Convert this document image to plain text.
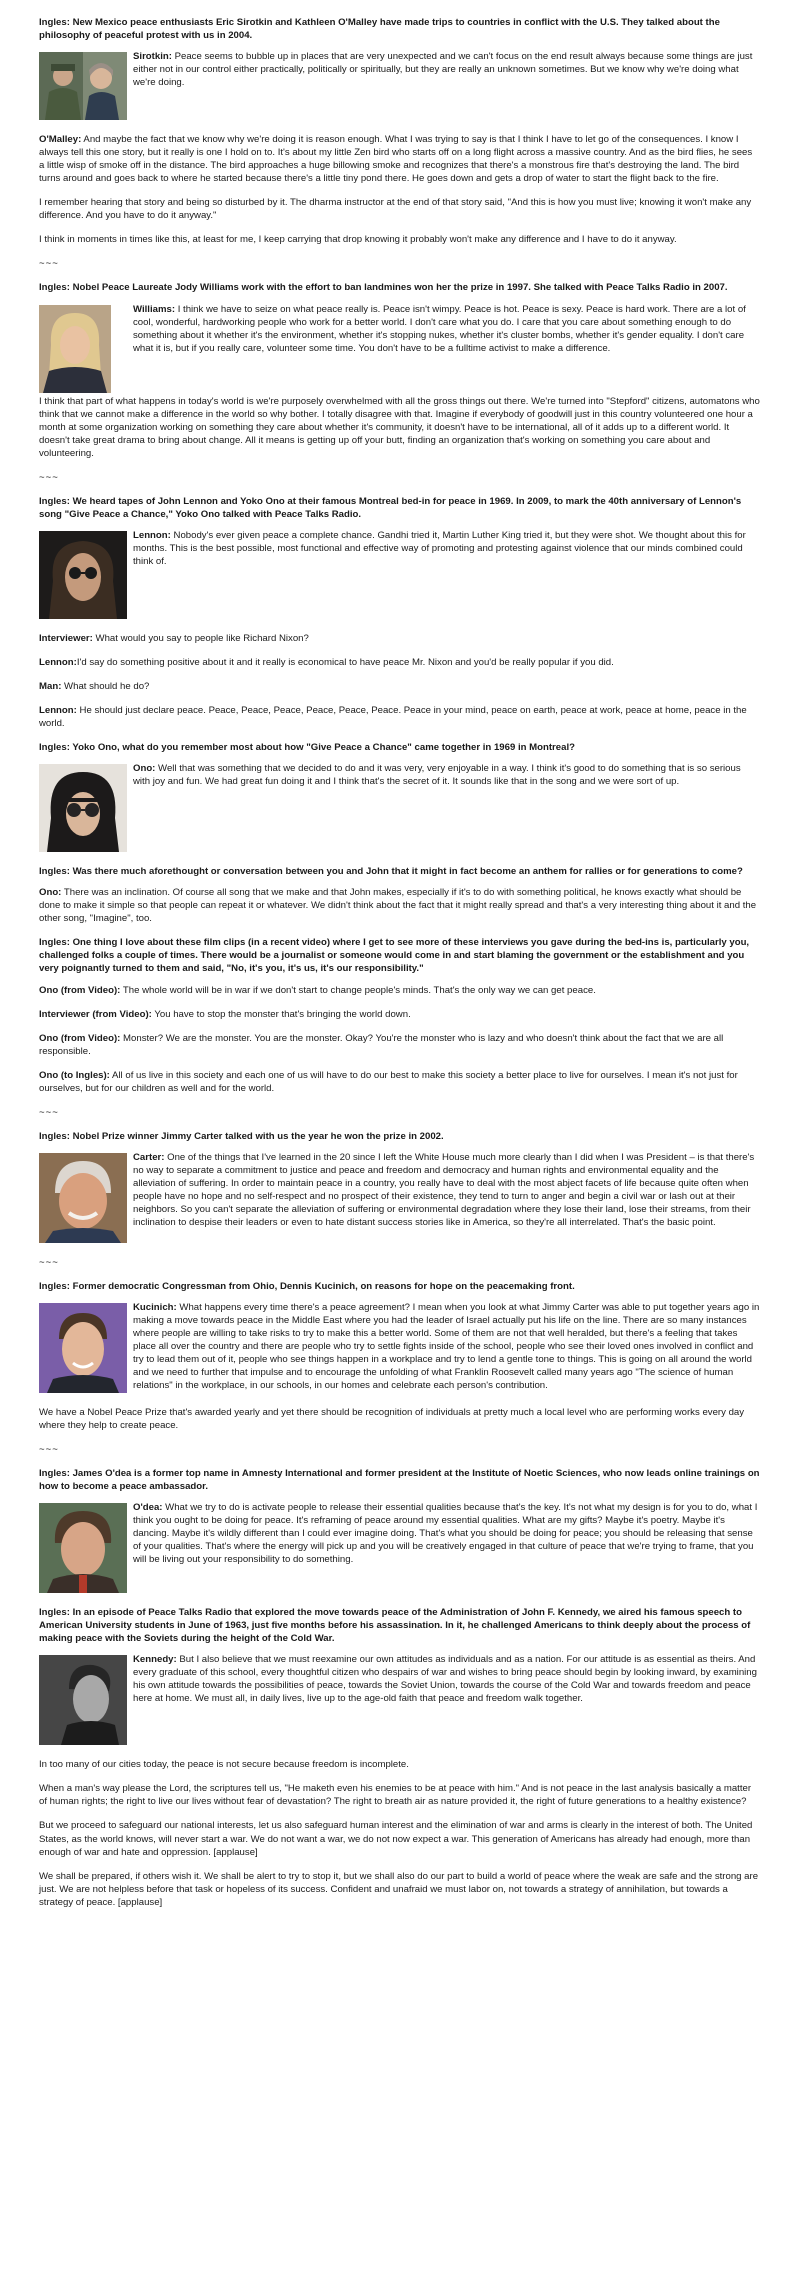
Ingles: New Mexico peace enthusiasts Eric Sirotkin and Kathleen O'Malley have made trips to countries in conflict with the U.S. They talked about the philosophy of peaceful protest with us in 2004.

Sirotkin: Peace seems to bubble up in places that are very unexpected and we can't focus on the end result always because some things are just either not in our control either practically, politically or spiritually, but they are really an unknown sometimes. But we know why we're doing what we're doing.

O'Malley: And maybe the fact that we know why we're doing it is reason enough. What I was trying to say is that I think I have to let go of the consequences. I know I always tell this one story, but it really is one I hold on to. It's about my little Zen bird who starts off on a long flight across a massive country. And as the bird flies, he sees a little wisp of smoke off in the distance. The bird approaches a huge billowing smoke and recognizes that there's a monstrous fire that's destroying the land. The bird turns around and goes back to where he started because there's a little tiny pond there. He goes down and gets a drop of water to start the flight back to the fire.

I remember hearing that story and being so disturbed by it. The dharma instructor at the end of that story said, "And this is how you must live; knowing it won't make any difference. And you have to do it anyway."

I think in moments in times like this, at least for me, I keep carrying that drop knowing it probably won't make any difference and I have to do it anyway.

~~~

Ingles: Nobel Peace Laureate Jody Williams work with the effort to ban landmines won her the prize in 1997. She talked with Peace Talks Radio in 2007.

Williams: I think we have to seize on what peace really is. Peace isn't wimpy. Peace is hot. Peace is sexy. Peace is hard work. There are a lot of cool, wonderful, hardworking people who work for a better world. I don't care what you do. I care that you care about something enough to do something about it whether it's the environment, whether it's stopping nukes, whether it's cluster bombs, whether it's gender equality. I don't care what it is, but if you really care, volunteer some time. You don't have to be a fulltime activist to make a difference.

I think that part of what happens in today's world is we're purposely overwhelmed with all the gross things out there. We're turned into "Stepford" citizens, automatons who think that we cannot make a difference in the world so why bother. I totally disagree with that. Imagine if everybody of goodwill just in this country volunteered one hour a month at some organization working on something they care about whether it's community, it doesn't have to be international, all of it adds up to a different world. It doesn't take great drama to bring about change. All it means is getting up off your butt, finding an organization that's working on something you care about and volunteering.

~~~

Ingles: We heard tapes of John Lennon and Yoko Ono at their famous Montreal bed-in for peace in 1969. In 2009, to mark the 40th anniversary of Lennon's song "Give Peace a Chance," Yoko Ono talked with Peace Talks Radio.

Lennon: Nobody's ever given peace a complete chance. Gandhi tried it, Martin Luther King tried it, but they were shot. We thought about this for months. This is the best possible, most functional and effective way of promoting and protesting against violence that our minds combined could think of.

Interviewer: What would you say to people like Richard Nixon?

Lennon:I'd say do something positive about it and it really is economical to have peace Mr. Nixon and you'd be really popular if you did.

Man: What should he do?

Lennon: He should just declare peace. Peace, Peace, Peace, Peace, Peace, Peace. Peace in your mind, peace on earth, peace at work, peace at home, peace in the world.

Ingles: Yoko Ono, what do you remember most about how "Give Peace a Chance" came together in 1969 in Montreal?

Ono: Well that was something that we decided to do and it was very, very enjoyable in a way. I think it's good to do something that is so serious with joy and fun. We had great fun doing it and I think that's the secret of it. It sounds like that in the song and we were sort of up.

Ingles: Was there much aforethought or conversation between you and John that it might in fact become an anthem for rallies or for generations to come?

Ono: There was an inclination. Of course all song that we make and that John makes, especially if it's to do with something political, he knows exactly what should be done to make it simple so that people can repeat it or whatever. We didn't think about the fact that it might really spread and that's a very interesting thing about it and the other song, "Imagine", too.

Ingles: One thing I love about these film clips (in a recent video) where I get to see more of these interviews you gave during the bed-ins is, particularly you, challenged folks a couple of times. There would be a journalist or someone would come in and start blaming the government or the establishment and you very poignantly turned to them and said, "No, it's you, it's us, it's our responsibility."

Ono (from Video): The whole world will be in war if we don't start to change people's minds. That's the only way we can get peace.

Interviewer (from Video): You have to stop the monster that's bringing the world down.

Ono (from Video): Monster? We are the monster. You are the monster. Okay? You're the monster who is lazy and who doesn't think about the fact that we are all responsible.

Ono (to Ingles): All of us live in this society and each one of us will have to do our best to make this society a better place to live for ourselves. I mean it's not just for ourselves, but for our children as well and for the world.

~~~

Ingles: Nobel Prize winner Jimmy Carter talked with us the year he won the prize in 2002.

Carter: One of the things that I've learned in the 20 since I left the White House much more clearly than I did when I was President – is that there's no way to separate a commitment to justice and peace and freedom and democracy and human rights and environmental equality and the alleviation of suffering. In order to maintain peace in a country, you really have to deal with the most abject facets of life because quite often when people have no hope and no self-respect and no prospect of their existence, they tend to turn to anger and begin a civil war or lash out at their neighbors. So you can't separate the alleviation of suffering or environmental degradation where they lose their land, lose their streams, from their inclination to despise their leaders or even to hate distant success stories like in America, so they're all interrelated. That's the basic point.

~~~

Ingles: Former democratic Congressman from Ohio, Dennis Kucinich, on reasons for hope on the peacemaking front.

Kucinich: What happens every time there's a peace agreement? I mean when you look at what Jimmy Carter was able to put together years ago in making a move towards peace in the Middle East where you had the leader of Israel actually put his life on the line. There are so many instances where people are willing to take risks to try to make this a better world. Some of them are not that well heralded, but there's a feeling that takes place all over the country and there are people who try to settle fights inside of the school, people who see their loved ones involved in conflict and try to lead them out of it, people who see things happen in a workplace and try to lend a gentle tone to things. This is going on all around the world and we need to further that impulse and to encourage the unfolding of what Franklin Roosevelt called many years ago "The science of human relations" in the workplace, in our schools, in our homes and celebrate each person's contribution.

We have a Nobel Peace Prize that's awarded yearly and yet there should be recognition of individuals at pretty much a local level who are performing works every day where they help to create peace.

~~~

Ingles: James O'dea is a former top name in Amnesty International and former president at the Institute of Noetic Sciences, who now leads online trainings on how to become a peace ambassador.

O'dea: What we try to do is activate people to release their essential qualities because that's the key. It's not what my design is for you to do, what I think you ought to be doing for peace. It's reframing of peace around my essential qualities. What are my gifts? Maybe it's poetry. Maybe it's dancing. Maybe it's wildly different than I could ever imagine doing. That's what you should be doing for peace; you should be releasing that sense of your qualities. That's where the energy will pick up and you will be creatively engaged in that culture of peace that we're trying to frame, that you will be living out your responsibility to do something.

Ingles: In an episode of Peace Talks Radio that explored the move towards peace of the Administration of John F. Kennedy, we aired his famous speech to American University students in June of 1963, just five months before his assassination. In it, he challenged Americans to think deeply about the process of making peace with the Soviets during the height of the Cold War.

Kennedy: But I also believe that we must reexamine our own attitudes as individuals and as a nation. For our attitude is as essential as theirs. And every graduate of this school, every thoughtful citizen who despairs of war and wishes to bring peace should begin by looking inward, by examining his own attitude towards the possibilities of peace, towards the Soviet Union, towards the course of the Cold War and towards freedom and peace here at home. We must all, in daily lives, live up to the age-old faith that peace and freedom walk together.

In too many of our cities today, the peace is not secure because freedom is incomplete.

When a man's way please the Lord, the scriptures tell us, "He maketh even his enemies to be at peace with him." And is not peace in the last analysis basically a matter of human rights; the right to live our lives without fear of devastation? The right to breath air as nature provided it, the right of future generations to a healthy existence?

But we proceed to safeguard our national interests, let us also safeguard human interest and the elimination of war and arms is clearly in the interest of both. The United States, as the world knows, will never start a war. We do not want a war, we do not now expect a war. This generation of Americans has already had enough, more than enough of war and hate and oppression. [applause]

We shall be prepared, if others wish it. We shall be alert to try to stop it, but we shall also do our part to build a world of peace where the weak are safe and the strong are just. We are not helpless before that task or hopeless of its success. Confident and unafraid we must labor on, not towards a strategy of annihilation, but towards a strategy of peace. [applause]
